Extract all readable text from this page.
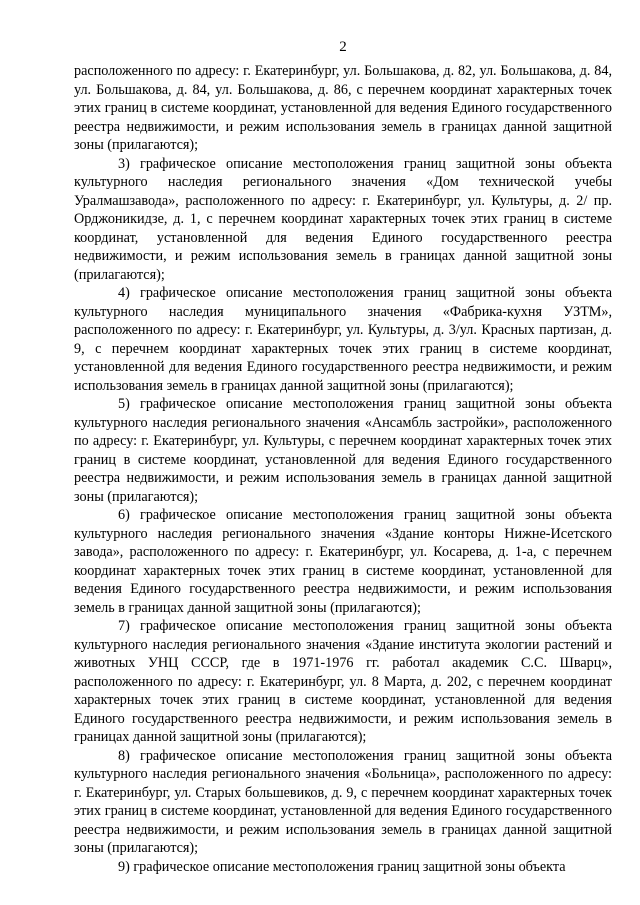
2

расположенного по адресу: г. Екатеринбург, ул. Большакова, д. 82, ул. Большакова, д. 84, ул. Большакова, д. 84, ул. Большакова, д. 86, с перечнем координат характерных точек этих границ в системе координат, установленной для ведения Единого государственного реестра недвижимости, и режим использования земель в границах данной защитной зоны (прилагаются);

3) графическое описание местоположения границ защитной зоны объекта культурного наследия регионального значения «Дом технической учебы Уралмашзавода», расположенного по адресу: г. Екатеринбург, ул. Культуры, д. 2/ пр. Орджоникидзе, д. 1, с перечнем координат характерных точек этих границ в системе координат, установленной для ведения Единого государственного реестра недвижимости, и режим использования земель в границах данной защитной зоны (прилагаются);

4) графическое описание местоположения границ защитной зоны объекта культурного наследия муниципального значения «Фабрика-кухня УЗТМ», расположенного по адресу: г. Екатеринбург, ул. Культуры, д. 3/ул. Красных партизан, д. 9, с перечнем координат характерных точек этих границ в системе координат, установленной для ведения Единого государственного реестра недвижимости, и режим использования земель в границах данной защитной зоны (прилагаются);

5) графическое описание местоположения границ защитной зоны объекта культурного наследия регионального значения «Ансамбль застройки», расположенного по адресу: г. Екатеринбург, ул. Культуры, с перечнем координат характерных точек этих границ в системе координат, установленной для ведения Единого государственного реестра недвижимости, и режим использования земель в границах данной защитной зоны (прилагаются);

6) графическое описание местоположения границ защитной зоны объекта культурного наследия регионального значения «Здание конторы Нижне-Исетского завода», расположенного по адресу: г. Екатеринбург, ул. Косарева, д. 1-а, с перечнем координат характерных точек этих границ в системе координат, установленной для ведения Единого государственного реестра недвижимости, и режим использования земель в границах данной защитной зоны (прилагаются);

7) графическое описание местоположения границ защитной зоны объекта культурного наследия регионального значения «Здание института экологии растений и животных УНЦ СССР, где в 1971-1976 гг. работал академик С.С. Шварц», расположенного по адресу: г. Екатеринбург, ул. 8 Марта, д. 202, с перечнем координат характерных точек этих границ в системе координат, установленной для ведения Единого государственного реестра недвижимости, и режим использования земель в границах данной защитной зоны (прилагаются);

8) графическое описание местоположения границ защитной зоны объекта культурного наследия регионального значения «Больница», расположенного по адресу: г. Екатеринбург, ул. Старых большевиков, д. 9, с перечнем координат характерных точек этих границ в системе координат, установленной для ведения Единого государственного реестра недвижимости, и режим использования земель в границах данной защитной зоны (прилагаются);

9) графическое описание местоположения границ защитной зоны объекта
